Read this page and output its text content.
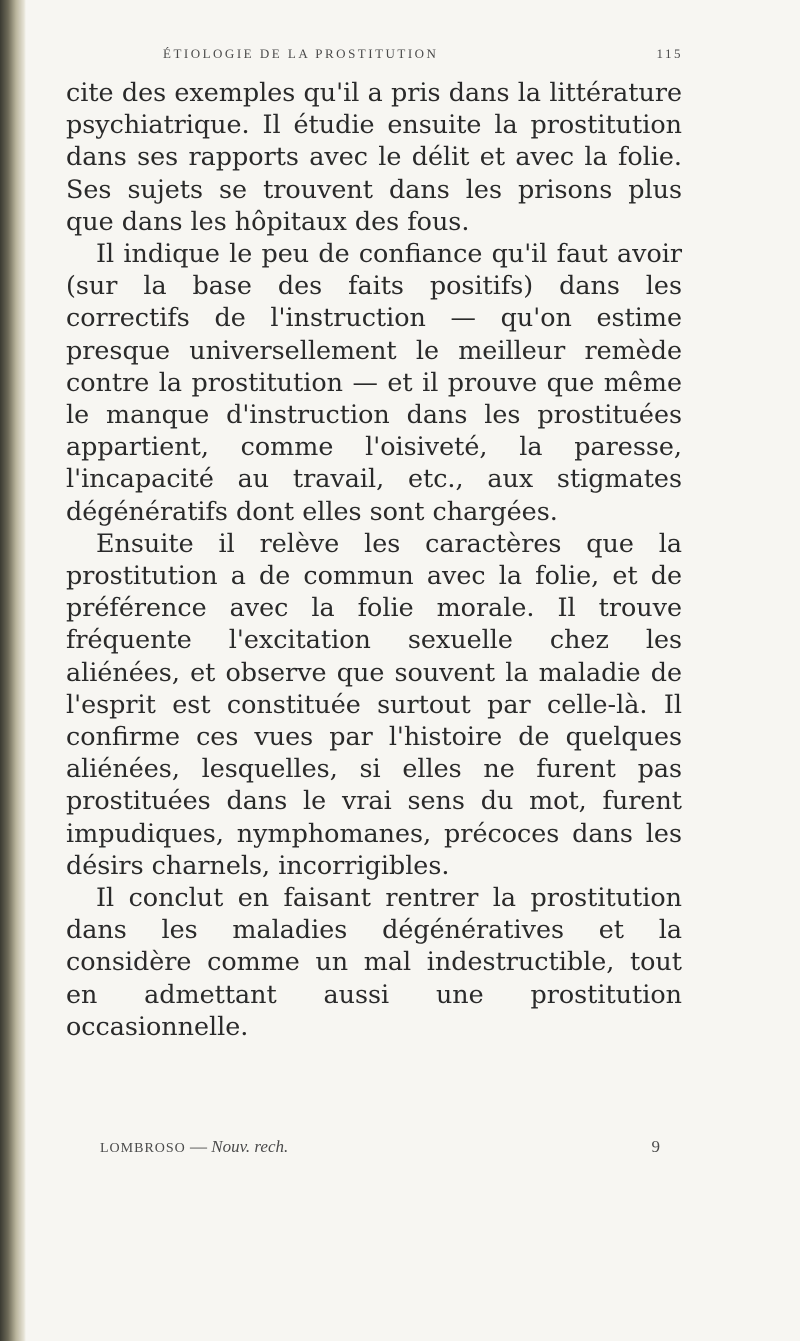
ÉTIOLOGIE DE LA PROSTITUTION	115

cite des exemples qu'il a pris dans la littérature psychiatrique. Il étudie ensuite la prostitution dans ses rapports avec le délit et avec la folie. Ses sujets se trouvent dans les prisons plus que dans les hôpitaux des fous.

Il indique le peu de confiance qu'il faut avoir (sur la base des faits positifs) dans les correctifs de l'instruction — qu'on estime presque universellement le meilleur remède contre la prostitution — et il prouve que même le manque d'instruction dans les prostituées appartient, comme l'oisiveté, la paresse, l'incapacité au travail, etc., aux stigmates dégénératifs dont elles sont chargées.

Ensuite il relève les caractères que la prostitution a de commun avec la folie, et de préférence avec la folie morale. Il trouve fréquente l'excitation sexuelle chez les aliénées, et observe que souvent la maladie de l'esprit est constituée surtout par celle-là. Il confirme ces vues par l'histoire de quelques aliénées, lesquelles, si elles ne furent pas prostituées dans le vrai sens du mot, furent impudiques, nymphomanes, précoces dans les désirs charnels, incorrigibles.

Il conclut en faisant rentrer la prostitution dans les maladies dégénératives et la considère comme un mal indestructible, tout en admettant aussi une prostitution occasionnelle.

LOMBROSO — Nouv. rech.	9
